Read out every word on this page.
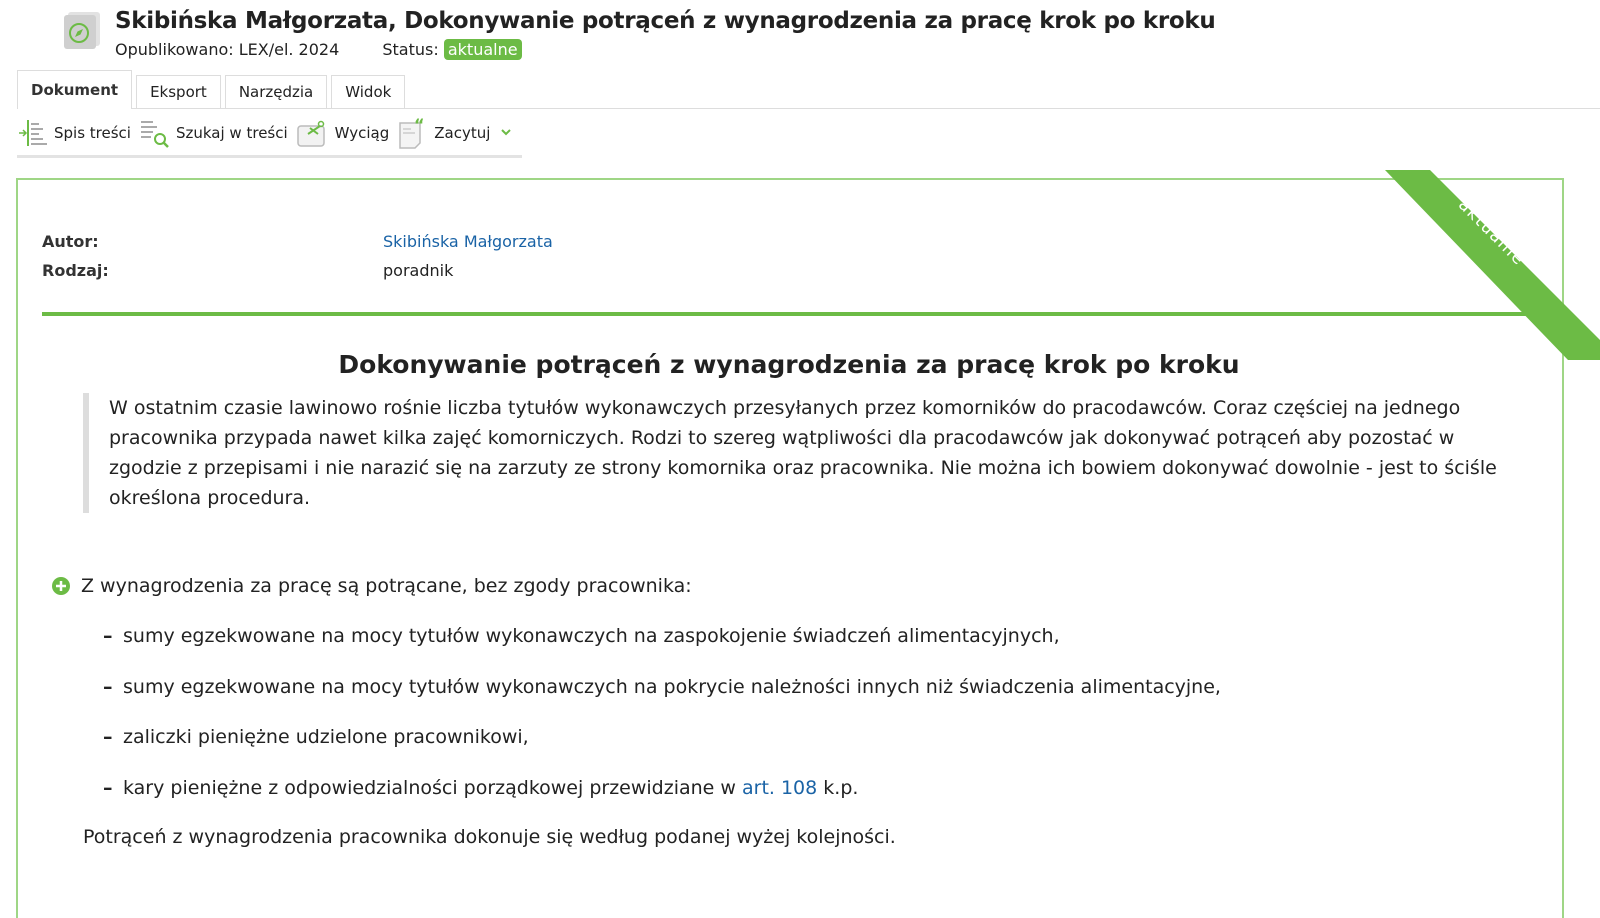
Skibińska Małgorzata, Dokonywanie potrąceń z wynagrodzenia za pracę krok po kroku
Opublikowano: LEX/el. 2024	Status: aktualne
Dokument	Eksport	Narzędzia	Widok
Spis treści	Szukaj w treści	Wyciąg “ Zacytuj
aktualne
Autor:	Skibińska Małgorzata
Rodzaj:	poradnik
Dokonywanie potrąceń z wynagrodzenia za pracę krok po kroku
W ostatnim czasie lawinowo rośnie liczba tytułów wykonawczych przesyłanych przez komorników do pracodawców. Coraz częściej na jednego pracownika przypada nawet kilka zajęć komorniczych. Rodzi to szereg wątpliwości dla pracodawców jak dokonywać potrąceń aby pozostać w zgodzie z przepisami i nie narazić się na zarzuty ze strony komornika oraz pracownika. Nie można ich bowiem dokonywać dowolnie - jest to ściśle określona procedura.
Z wynagrodzenia za pracę są potrącane, bez zgody pracownika:
– sumy egzekwowane na mocy tytułów wykonawczych na zaspokojenie świadczeń alimentacyjnych,
– sumy egzekwowane na mocy tytułów wykonawczych na pokrycie należności innych niż świadczenia alimentacyjne,
– zaliczki pieniężne udzielone pracownikowi,
– kary pieniężne z odpowiedzialności porządkowej przewidziane w art. 108 k.p.
Potrąceń z wynagrodzenia pracownika dokonuje się według podanej wyżej kolejności.
